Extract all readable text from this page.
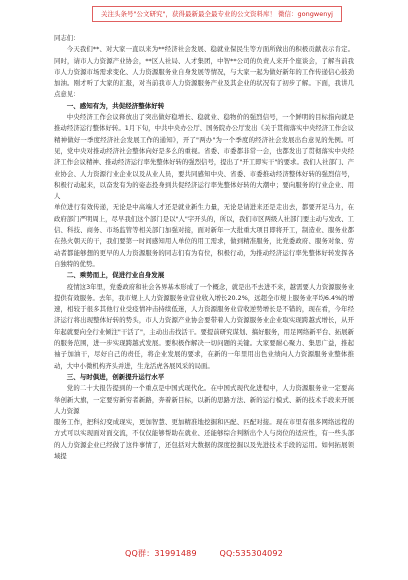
关注头条号"公文研究"，获得最新最全最专业的公文资料库！ 微信：gongwenyj

同志们：

今天我们**、对大家一直以来为**经济社会发展、稳就业保民生等方面所做出的积极贡献表示肯定。同时，请市人力资源产业协会，**区人社局、人才集团，中智**公司的负责人来开个座谈会，了解当前我市人力资源市场需求变化、人力资源服务业自身发展等情况，与大家一起为做好新年的工作传递信心鼓劲加油。刚才听了大家的汇报，对当前我市人力资源服务产业及其企业的状况有了初步了解。下面，我讲几点意见：

一、感知有为，共促经济整体好转

中央经济工作会议释放出了突出做好稳增长、稳就业、稳物价的强烈信号，一个鲜明的目标指向就是推动经济运行整体好转。1月下旬，中共中央办公厅、国务院办公厅发出《关于贯彻落实中央经济工作会议精神做好一季度经济社会发展工作的通知》，开了"两办"为一个季度的经济社会发展出台意见的先例。可见，党中央对推动经济社会整体向好是多么的重视。省委、市委都非常一会，也都发出了贯彻落实中央经济工作会议精神、推动经济运行率先整体好转的强烈信号，提出了"开工即实干"的要求。我们人社部门、产业协会、人力资源行业企业以及从业人员，要共同感知中央、省委、市委推动经济整体好转的强烈信号，积极行动起来，以奋发有为的姿态投身到共促经济运行率先整体好转的大潮中；要向服务的行业企业、用人

单位进行有效传递，无论是中高端人才还是就业新生力量，无论是请进来还是走出去，都要开足马力，在政府部门严明周上，尽早我们这个部门是以"人"字开头的，所以，我们市区两级人社部门要主动与发改、工信、科技、商务、市场监管等相关部门加强对接，面对新年一大批重大项目即将开工，制造业、服务业都在热火朝天的干，我们要第一时间感知用人单位的用工需求，做到精准服务，比党委政府、服务对象、劳动者都能够想的更早的人力资源服务的同志们有为有位，积极行动，为推动经济运行率先整体好转发挥各自独特的优势。

二、乘势而上，促进行业自身发展

疫情这3年里，党委政府和社会各界基本形成了一个概念，就是出不去进不来，越需要人力资源服务业提供有效服务。去年，我市规上人力资源服务业营业收入增长20.2%，远超全市规上服务业平均6.4%的增速，相较于很多其他行业受疫情冲击持续低迷，人力资源服务业营收逆势增长是不错的，现在看，今年经济运行将出现整体好转的势头，市人力资源产业协会要带着人力资源服务业企业取实现跨越式增长，从开年起就要向全行业倾注"干活了"，主动出击找活干。要提前研究谋划、搞好服务，用足网络新平台、拓展新的服务范围，进一步实现跨越式发展。要积极作解决一切问题的关键。大家要耐心聚力、集思广益，推起袖子加油干，尽好自己的责任，将企业发展的要求，在新的一年里用出色业绩向人力资源服务业整体推动，大中小微机构齐头并进，生龙活虎各展风采的局面。

三、与时俱进，创新提升运行水平

党的二十大报告提到的一个重点是中国式现代化。在中国式现代化进程中，人力资源服务业一定要高举创新大旗，一定要穷新穷者新路，奔着新目标，以新的思路方法、新的运行模式、新的技术手段来开展人力资源

服务工作，把科幻变成现实，更加智慧、更加精准地挖掘和匹配、匹配对接。现在市里有很多网络远程的方式可以实现面对面交流，不仅仅能够帮助在就业、还能够综合判断出个人与岗位的适应性，有一些头部的人力资源企业已经做了这件事情了，还包括对大数据的深度挖掘以及先进技术手段的运用。如何拓展领域提

QQ群：31991489	QQ:535304092
